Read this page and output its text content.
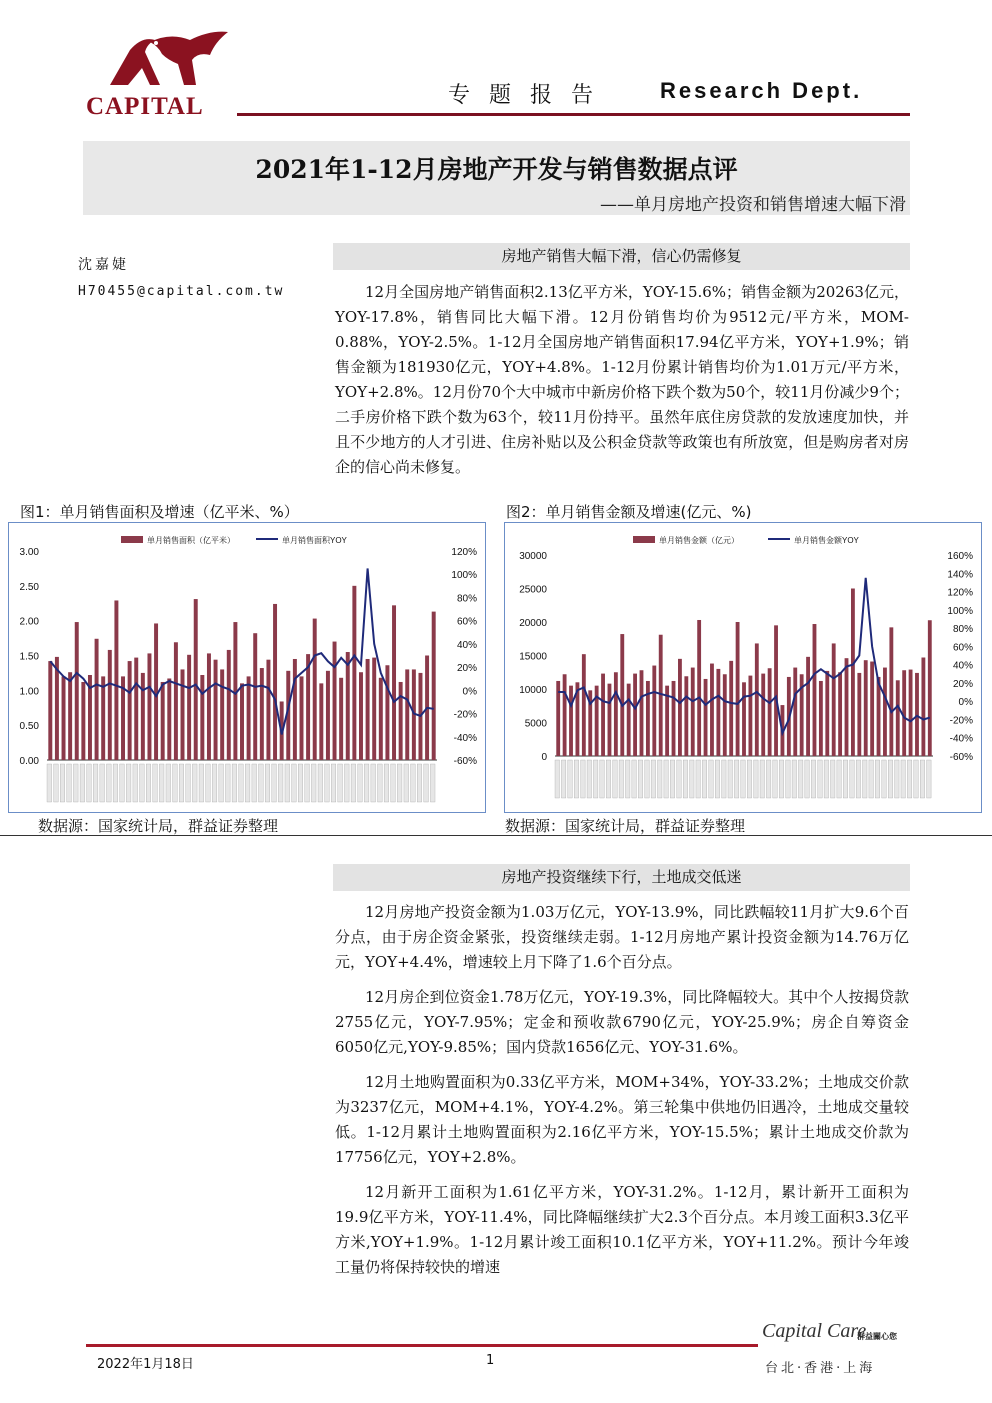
CAPITAL	专题报告 Research Dept.
2021年1-12月房地产开发与销售数据点评
——单月房地产投资和销售增速大幅下滑
沈嘉婕
H70455@capital.com.tw
房地产销售大幅下滑，信心仍需修复

12月全国房地产销售面积2.13亿平方米，YOY-15.6%；销售金额为20263亿元，YOY-17.8%，销售同比大幅下滑。12月份销售均价为9512元/平方米，MOM-0.88%，YOY-2.5%。1-12月全国房地产销售面积17.94亿平方米，YOY+1.9%；销售金额为181930亿元，YOY+4.8%。1-12月份累计销售均价为1.01万元/平方米，YOY+2.8%。12月份70个大中城市中新房价格下跌个数为50个，较11月份减少9个；二手房价格下跌个数为63个，较11月份持平。虽然年底住房贷款的发放速度加快，并且不少地方的人才引进、住房补贴以及公积金贷款等政策也有所放宽，但是购房者对房企的信心尚未修复。

图1：单月销售面积及增速（亿平米、%）	图2：单月销售金额及增速(亿元、%)
3.00
2.50
2.00
1.50
1.00
0.50
0.00
120%
100%
80%
60%
40%
20%
0%
-20%
-40%
-60%
单月销售面积（亿平米）	单月销售面积YOY
30000
25000
20000
15000
10000
5000
0
160%
140%
120%
100%
80%
60%
40%
20%
0%
-20%
-40%
-60%
单月销售金额（亿元）	单月销售金额YOY
数据源：国家统计局，群益证券整理	数据源：国家统计局，群益证券整理
房地产投资继续下行，土地成交低迷

12月房地产投资金额为1.03万亿元，YOY-13.9%，同比跌幅较11月扩大9.6个百分点，由于房企资金紧张，投资继续走弱。1-12月房地产累计投资金额为14.76万亿元，YOY+4.4%，增速较上月下降了1.6个百分点。

12月房企到位资金1.78万亿元，YOY-19.3%，同比降幅较大。其中个人按揭贷款2755亿元，YOY-7.95%；定金和预收款6790亿元，YOY-25.9%；房企自筹资金6050亿元,YOY-9.85%；国内贷款1656亿元、YOY-31.6%。

12月土地购置面积为0.33亿平方米，MOM+34%，YOY-33.2%；土地成交价款为3237亿元，MOM+4.1%，YOY-4.2%。第三轮集中供地仍旧遇冷，土地成交量较低。1-12月累计土地购置面积为2.16亿平方米，YOY-15.5%；累计土地成交价款为17756亿元，YOY+2.8%。

12月新开工面积为1.61亿平方米，YOY-31.2%。1-12月，累计新开工面积为19.9亿平方米，YOY-11.4%，同比降幅继续扩大2.3个百分点。本月竣工面积3.3亿平方米,YOY+1.9%。1-12月累计竣工面积10.1亿平方米，YOY+11.2%。预计今年竣工量仍将保持较快的增速

Capital Care
群益關心您
2022年1月18日	1
台北·香港·上海
